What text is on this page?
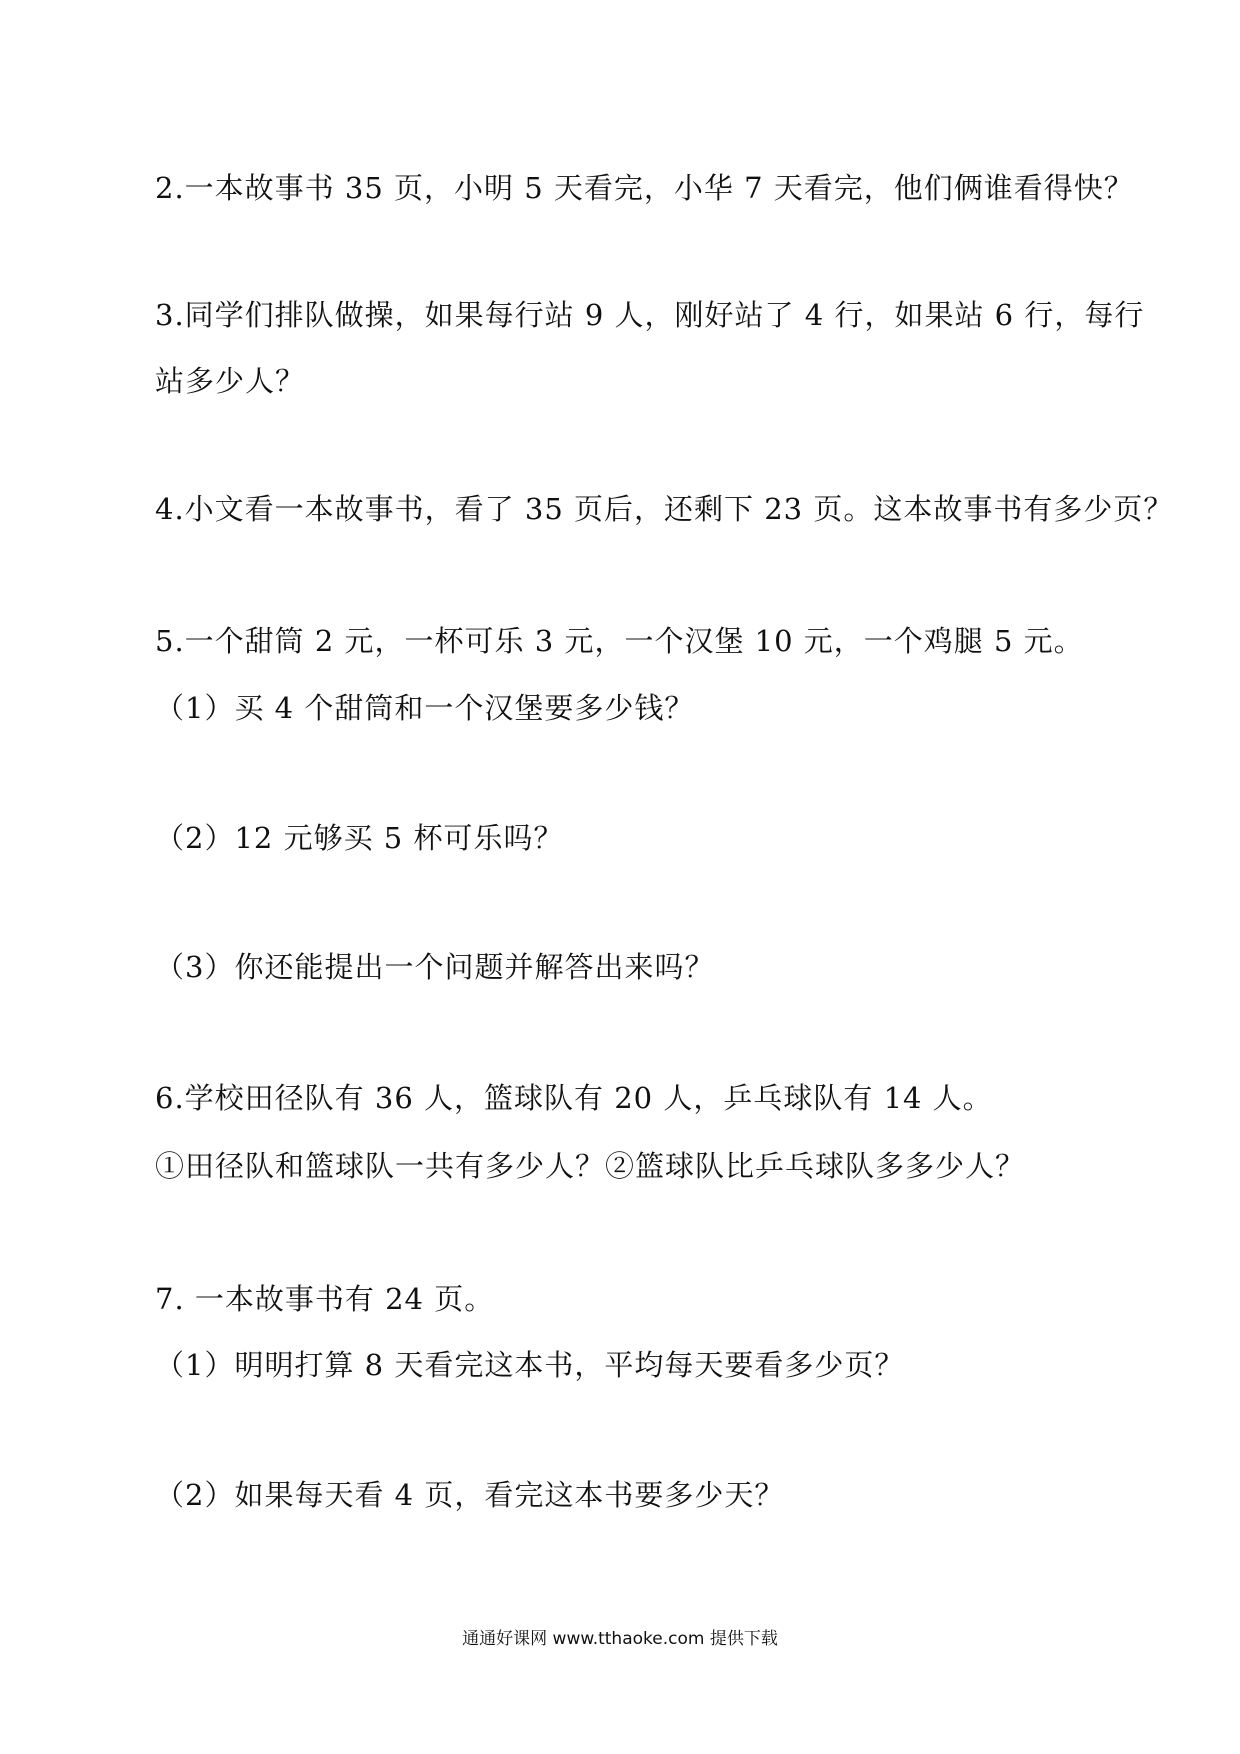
2.一本故事书 35 页，小明 5 天看完，小华 7 天看完，他们俩谁看得快？
3.同学们排队做操，如果每行站 9 人，刚好站了 4 行，如果站 6 行，每行
站多少人？
4.小文看一本故事书，看了 35 页后，还剩下 23 页。这本故事书有多少页？
5.一个甜筒 2 元，一杯可乐 3 元，一个汉堡 10 元，一个鸡腿 5 元。
（1）买 4 个甜筒和一个汉堡要多少钱？
（2）12 元够买 5 杯可乐吗？
（3）你还能提出一个问题并解答出来吗？
6.学校田径队有 36 人，篮球队有 20 人，乒乓球队有 14 人。
①田径队和篮球队一共有多少人？②篮球队比乒乓球队多多少人？
7. 一本故事书有 24 页。
（1）明明打算 8 天看完这本书，平均每天要看多少页？
（2）如果每天看 4 页，看完这本书要多少天？
通通好课网 www.tthaoke.com 提供下载
